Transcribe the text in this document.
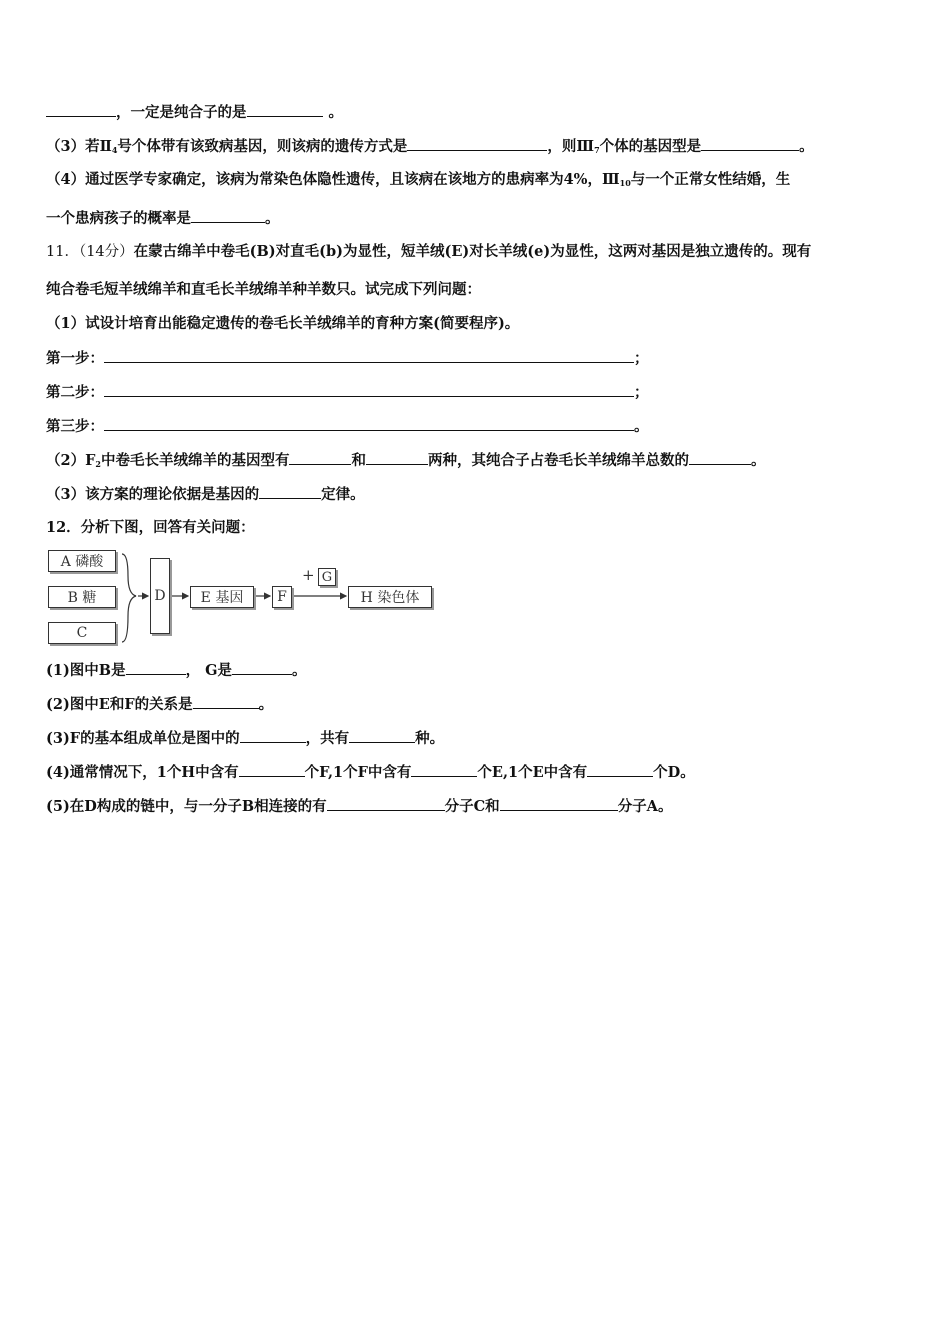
，一定是纯合子的是	。
（3）若$Ⅱ_4$号个体带有该致病基因，则该病的遗传方式是	，则$Ⅲ_7$个体的基因型是	。
（4）通过医学专家确定，该病为常染色体隐性遗传，且该病在该地方的患病率为4%，$Ⅲ_{10}$与一个正常女性结婚，生
一个患病孩子的概率是	。
11．（14分）在蒙古绵羊中卷毛(B)对直毛(b)为显性，短羊绒(E)对长羊绒(e)为显性，这两对基因是独立遗传的。现有
纯合卷毛短羊绒绵羊和直毛长羊绒绵羊种羊数只。试完成下列问题：
（1）试设计培育出能稳定遗传的卷毛长羊绒绵羊的育种方案(简要程序)。
第一步：	；
第二步：	；
第三步：	。
$(2)F_2$中卷毛长羊绒绵羊的基因型有	和	两种，其纯合子占卷毛长羊绒绵羊总数的	。
（3）该方案的理论依据是基因的	定律。
12．分析下图，回答有关问题：
A 磷酸
B 糖
C
D	E 基因	F
G
+
H 染色体
(1)图中B是	， G是	。
(2)图中E和F的关系是	。
(3)F的基本组成单位是图中的	，共有	种。
(4)通常情况下，1个H中含有	个F,1个F中含有	个E,1个E中含有	个D。
(5)在D构成的链中，与一分子B相连接的有	分子C和	分子A。
